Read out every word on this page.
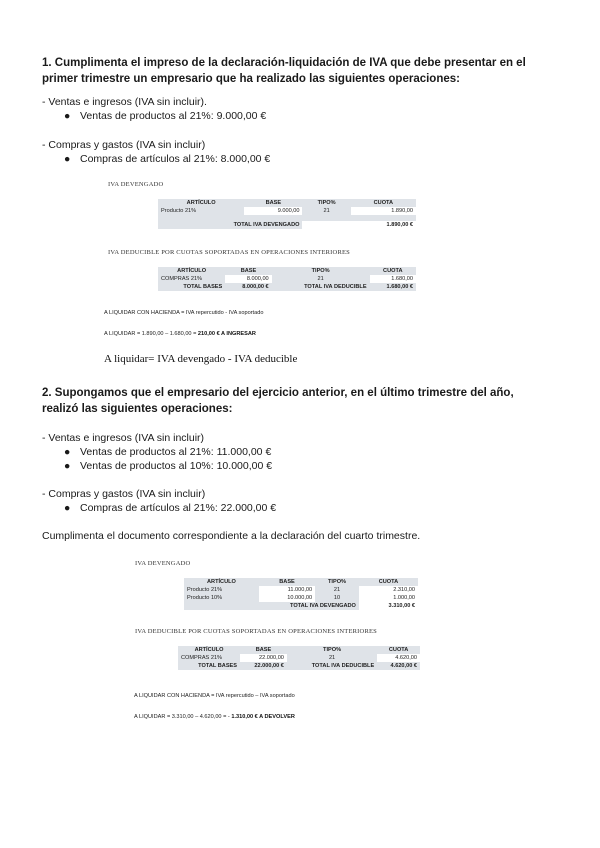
1. Cumplimenta el impreso de la declaración-liquidación de IVA que debe presentar en el primer trimestre un empresario que ha realizado las siguientes operaciones:
- Ventas e ingresos (IVA sin incluir).
● Ventas de productos al 21%: 9.000,00 €
- Compras y gastos (IVA sin incluir)
● Compras de artículos al 21%: 8.000,00 €
IVA DEVENGADO
ARTÍCULO	BASE	TIPO%	CUOTA
Producto 21%	9.000,00	21	1.890,00

TOTAL IVA DEVENGADO			1.890,00 €
IVA DEDUCIBLE POR CUOTAS SOPORTADAS EN OPERACIONES INTERIORES
ARTÍCULO	BASE	TIPO%	CUOTA
COMPRAS 21%	8.000,00	21	1.680,00
TOTAL BASES	8.000,00 €	TOTAL IVA DEDUCIBLE	1.680,00 €
A LIQUIDAR CON HACIENDA = IVA repercutido - IVA soportado
A LIQUIDAR = 1.890,00 – 1.680,00 = 210,00 € A INGRESAR
A liquidar= IVA devengado - IVA deducible
2. Supongamos que el empresario del ejercicio anterior, en el último trimestre del año, realizó las siguientes operaciones:
- Ventas e ingresos (IVA sin incluir)
● Ventas de productos al 21%: 11.000,00 €
● Ventas de productos al 10%: 10.000,00 €
- Compras y gastos (IVA sin incluir)
● Compras de artículos al 21%: 22.000,00 €
Cumplimenta el documento correspondiente a la declaración del cuarto trimestre.
IVA DEVENGADO
ARTÍCULO	BASE	TIPO%	CUOTA
Producto 21%	11.000,00	21	2.310,00
Producto 10%	10.000,00	10	1.000,00
TOTAL IVA DEVENGADO			3.310,00 €
IVA DEDUCIBLE POR CUOTAS SOPORTADAS EN OPERACIONES INTERIORES
ARTÍCULO	BASE	TIPO%	CUOTA
COMPRAS 21%	22.000,00	21	4.620,00
TOTAL BASES	22.000,00 €	TOTAL IVA DEDUCIBLE	4.620,00 €
A LIQUIDAR CON HACIENDA = IVA repercutido – IVA soportado
A LIQUIDAR = 3.310,00 – 4.620,00 = - 1.310,00 € A DEVOLVER
